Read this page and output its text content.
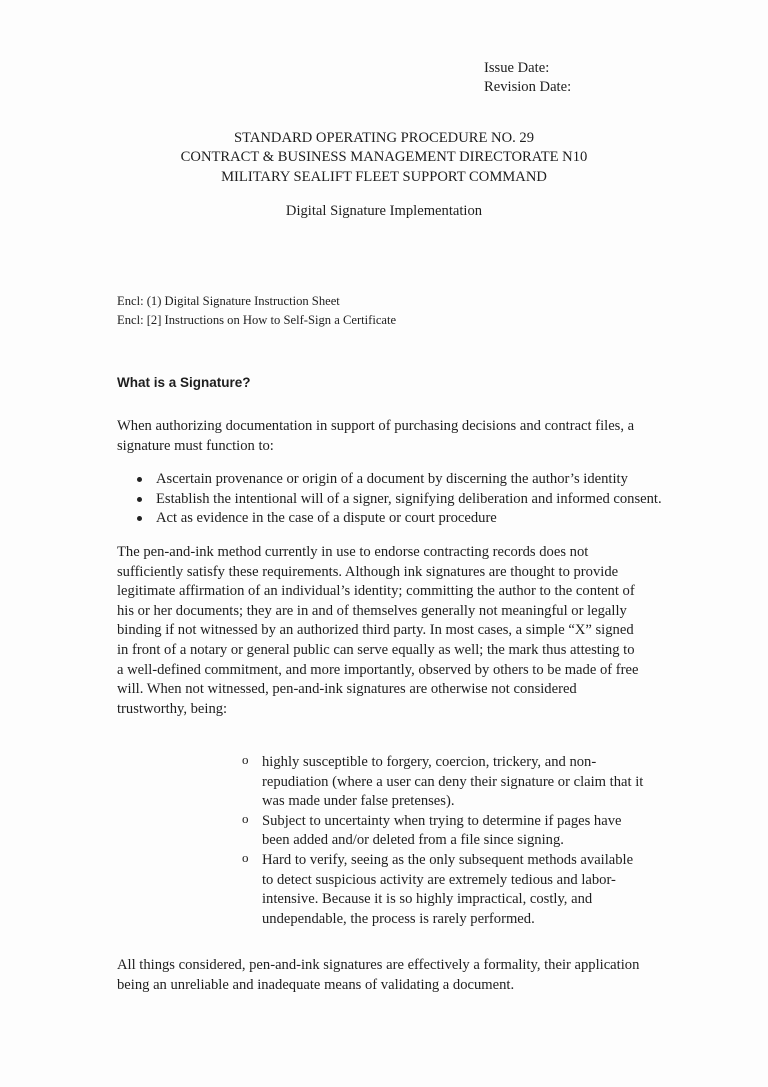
Issue Date:
Revision Date:
STANDARD OPERATING PROCEDURE NO. 29
CONTRACT & BUSINESS MANAGEMENT DIRECTORATE N10
MILITARY SEALIFT FLEET SUPPORT COMMAND
Digital Signature Implementation
Encl: (1) Digital Signature Instruction Sheet
Encl: [2] Instructions on How to Self-Sign a Certificate
What is a Signature?
When authorizing documentation in support of purchasing decisions and contract files, a
signature must function to:
Ascertain provenance or origin of a document by discerning the author’s identity
Establish the intentional will of a signer, signifying deliberation and informed consent.
Act as evidence in the case of a dispute or court procedure
The pen-and-ink method currently in use to endorse contracting records does not
sufficiently satisfy these requirements. Although ink signatures are thought to provide
legitimate affirmation of an individual’s identity; committing the author to the content of
his or her documents; they are in and of themselves generally not meaningful or legally
binding if not witnessed by an authorized third party. In most cases, a simple “X” signed
in front of a notary or general public can serve equally as well; the mark thus attesting to
a well-defined commitment, and more importantly, observed by others to be made of free
will. When not witnessed, pen-and-ink signatures are otherwise not considered
trustworthy, being:
o highly susceptible to forgery, coercion, trickery, and non-
repudiation (where a user can deny their signature or claim that it
was made under false pretenses).
o Subject to uncertainty when trying to determine if pages have
been added and/or deleted from a file since signing.
o Hard to verify, seeing as the only subsequent methods available
to detect suspicious activity are extremely tedious and labor-
intensive. Because it is so highly impractical, costly, and
undependable, the process is rarely performed.
All things considered, pen-and-ink signatures are effectively a formality, their application
being an unreliable and inadequate means of validating a document.
